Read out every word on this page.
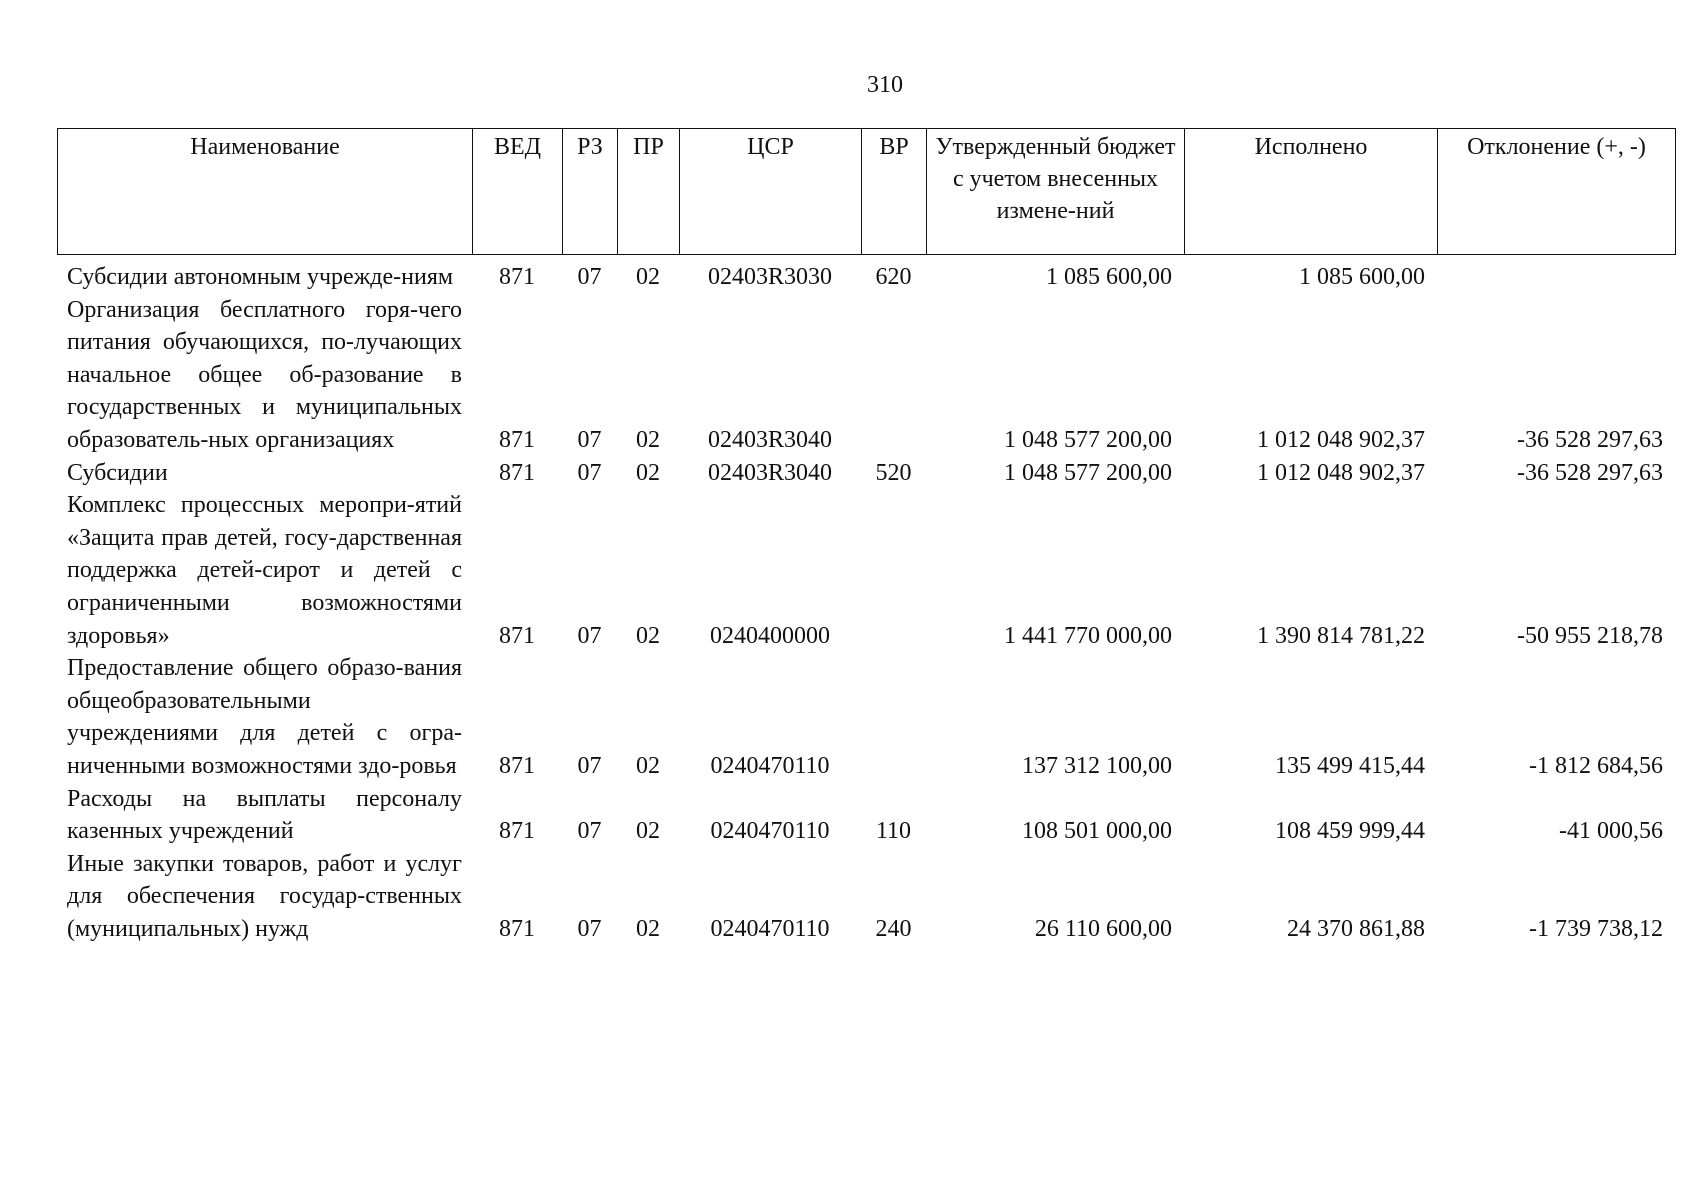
310
Наименование	ВЕД	РЗ	ПР	ЦСР	ВР	Утвержденный бюджет с учетом внесенных измене-ний	Исполнено	Отклонение (+, -)
Субсидии автономным учрежде-ниям	871	07	02	02403R3030	620	1 085 600,00	1 085 600,00	
Организация бесплатного горя-чего питания обучающихся, по-лучающих начальное общее об-разование в государственных и муниципальных образователь-ных организациях	871	07	02	02403R3040		1 048 577 200,00	1 012 048 902,37	-36 528 297,63
Субсидии	871	07	02	02403R3040	520	1 048 577 200,00	1 012 048 902,37	-36 528 297,63
Комплекс процессных меропри-ятий «Защита прав детей, госу-дарственная поддержка детей-сирот и детей с ограниченными возможностями здоровья»	871	07	02	0240400000		1 441 770 000,00	1 390 814 781,22	-50 955 218,78
Предоставление общего образо-вания общеобразовательными учреждениями для детей с огра-ниченными возможностями здо-ровья	871	07	02	0240470110		137 312 100,00	135 499 415,44	-1 812 684,56
Расходы на выплаты персоналу казенных учреждений	871	07	02	0240470110	110	108 501 000,00	108 459 999,44	-41 000,56
Иные закупки товаров, работ и услуг для обеспечения государ-ственных (муниципальных) нужд	871	07	02	0240470110	240	26 110 600,00	24 370 861,88	-1 739 738,12
